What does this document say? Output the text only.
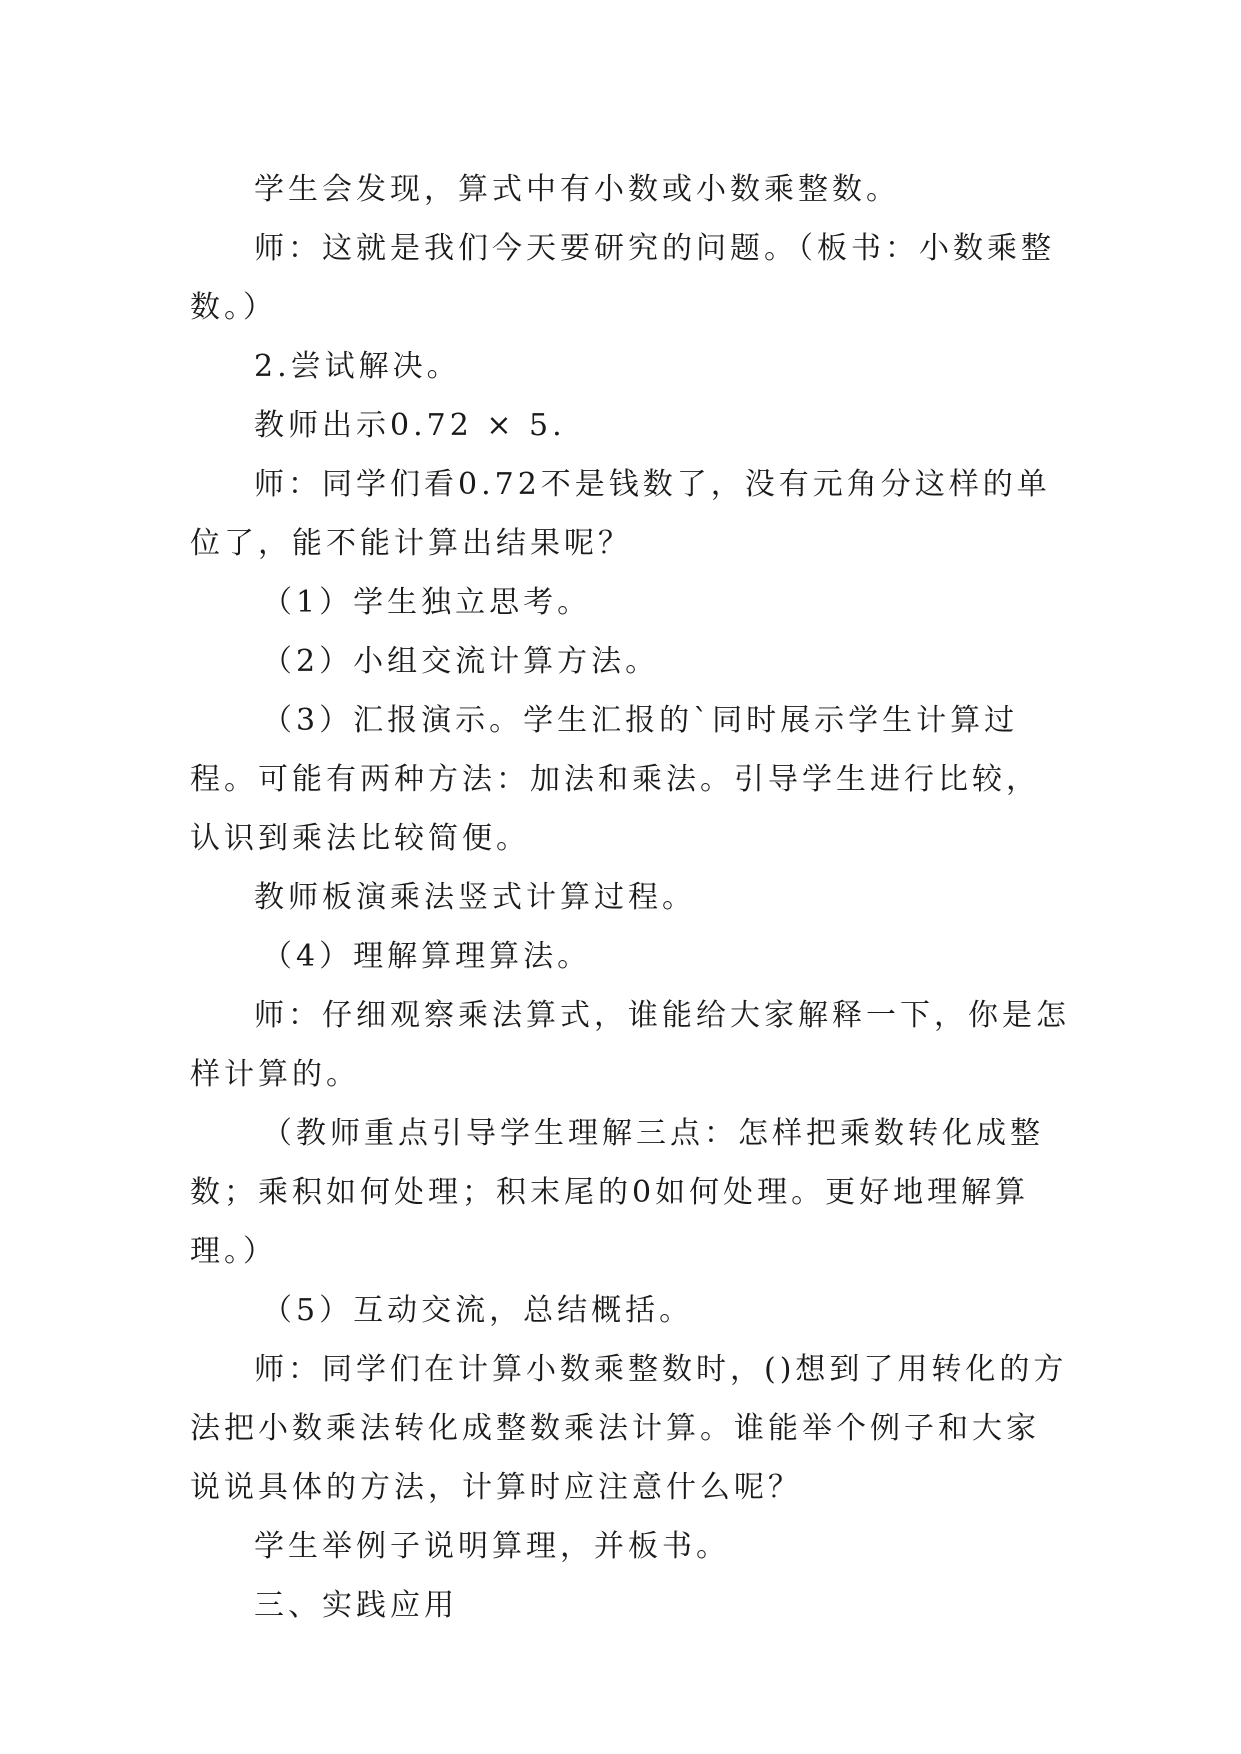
学生会发现，算式中有小数或小数乘整数。

师：这就是我们今天要研究的问题。（板书：小数乘整数。）

2.尝试解决。

教师出示0.72 × 5.

师：同学们看0.72不是钱数了，没有元角分这样的单位了，能不能计算出结果呢？

（1）学生独立思考。

（2）小组交流计算方法。

（3）汇报演示。学生汇报的`同时展示学生计算过程。可能有两种方法：加法和乘法。引导学生进行比较，认识到乘法比较简便。

教师板演乘法竖式计算过程。

（4）理解算理算法。

师：仔细观察乘法算式，谁能给大家解释一下，你是怎样计算的。

（教师重点引导学生理解三点：怎样把乘数转化成整数；乘积如何处理；积末尾的0如何处理。更好地理解算理。）

（5）互动交流，总结概括。

师：同学们在计算小数乘整数时，()想到了用转化的方法把小数乘法转化成整数乘法计算。谁能举个例子和大家说说具体的方法，计算时应注意什么呢？

学生举例子说明算理，并板书。

三、实践应用
